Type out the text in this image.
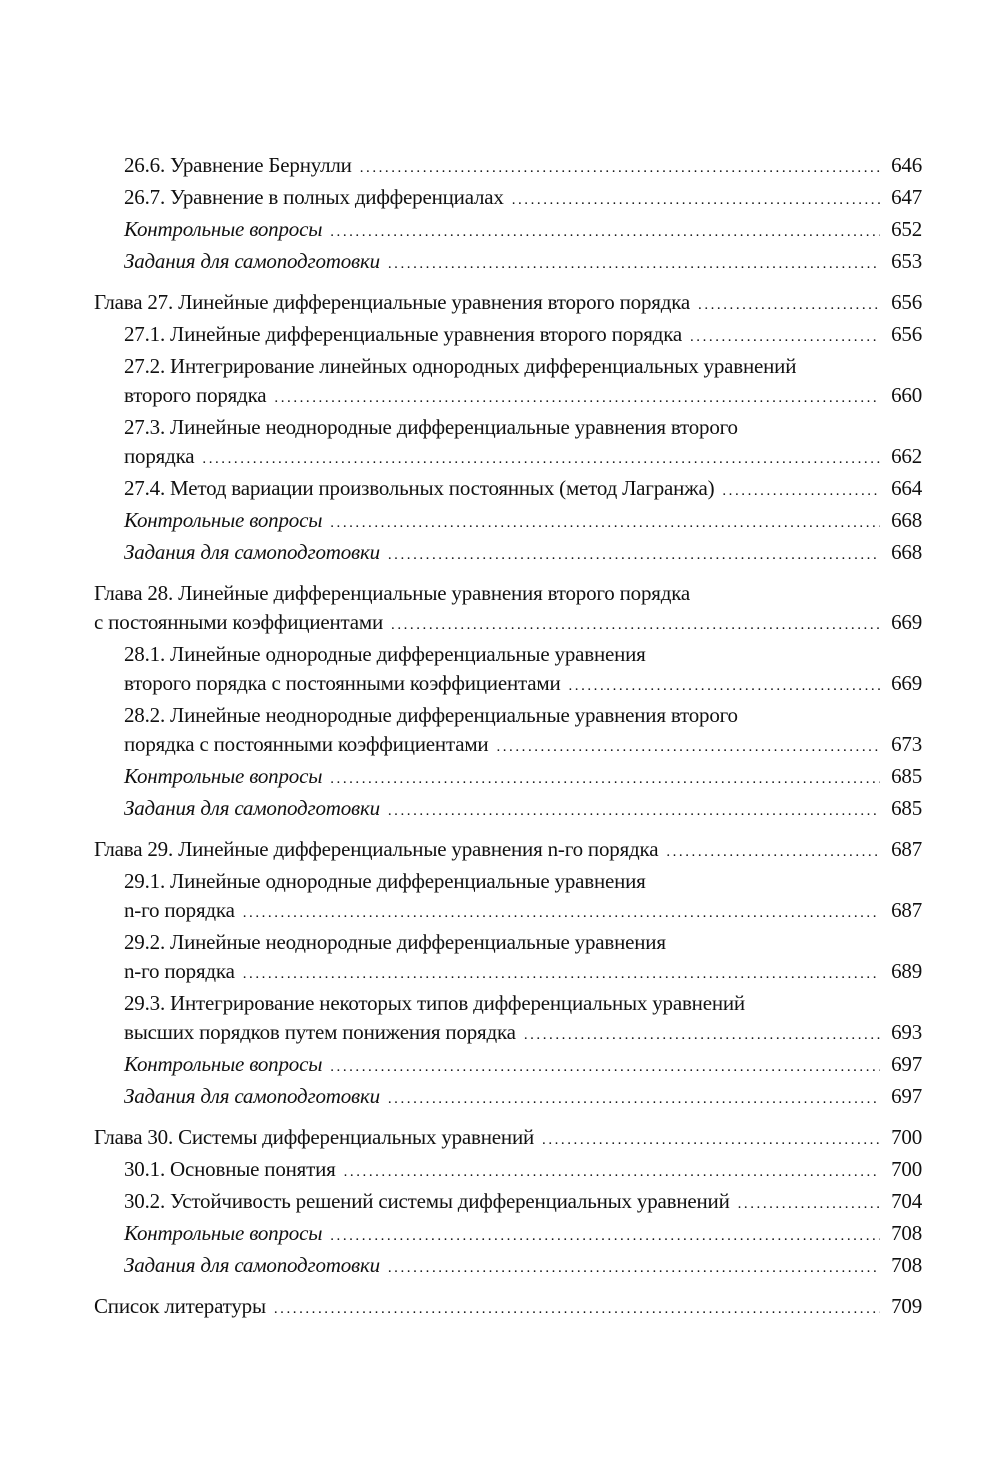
26.6. Уравнение Бернулли . . .	646
26.7. Уравнение в полных дифференциалах . . .	647
Контрольные вопросы . . .	652
Задания для самоподготовки . . .	653
Глава 27. Линейные дифференциальные уравнения второго порядка . . .	656
27.1. Линейные дифференциальные уравнения второго порядка . . .	656
27.2. Интегрирование линейных однородных дифференциальных уравнений
второго порядка . . .	660
27.3. Линейные неоднородные дифференциальные уравнения второго
порядка . . .	662
27.4. Метод вариации произвольных постоянных (метод Лагранжа) . . .	664
Контрольные вопросы . . .	668
Задания для самоподготовки . . .	668
Глава 28. Линейные дифференциальные уравнения второго порядка
с постоянными коэффициентами . . .	669
28.1. Линейные однородные дифференциальные уравнения
второго порядка с постоянными коэффициентами . . .	669
28.2. Линейные неоднородные дифференциальные уравнения второго
порядка с постоянными коэффициентами . . .	673
Контрольные вопросы . . .	685
Задания для самоподготовки . . .	685
Глава 29. Линейные дифференциальные уравнения n-го порядка . . .	687
29.1. Линейные однородные дифференциальные уравнения
n-го порядка . . .	687
29.2. Линейные неоднородные дифференциальные уравнения
n-го порядка . . .	689
29.3. Интегрирование некоторых типов дифференциальных уравнений
высших порядков путем понижения порядка . . .	693
Контрольные вопросы . . .	697
Задания для самоподготовки . . .	697
Глава 30. Системы дифференциальных уравнений . . .	700
30.1. Основные понятия . . .	700
30.2. Устойчивость решений системы дифференциальных уравнений . . .	704
Контрольные вопросы . . .	708
Задания для самоподготовки . . .	708
Список литературы . . .	709
